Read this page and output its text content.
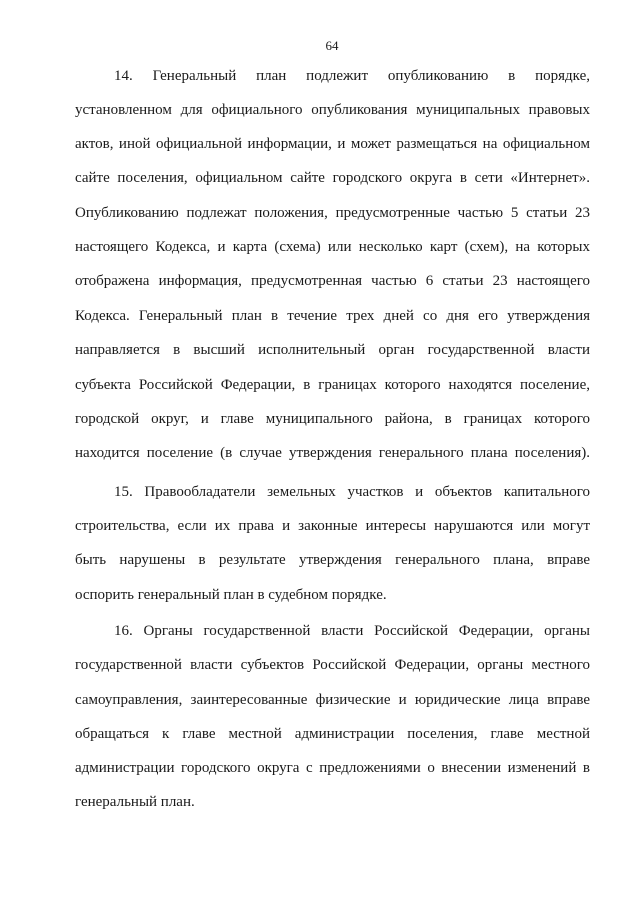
64
14. Генеральный план подлежит опубликованию в порядке,
установленном для официального опубликования муниципальных правовых
актов, иной официальной информации, и может размещаться на официальном
сайте поселения, официальном сайте городского округа в сети «Интернет».
Опубликованию подлежат положения, предусмотренные частью 5 статьи 23
настоящего Кодекса, и карта (схема) или несколько карт (схем), на которых
отображена информация, предусмотренная частью 6 статьи 23 настоящего
Кодекса. Генеральный план в течение трех дней со дня его утверждения
направляется в высший исполнительный орган государственной власти
субъекта Российской Федерации, в границах которого находятся поселение,
городской округ, и главе муниципального района, в границах которого
находится поселение (в случае утверждения генерального плана поселения).
15. Правообладатели земельных участков и объектов капитального
строительства, если их права и законные интересы нарушаются или могут
быть нарушены в результате утверждения генерального плана, вправе
оспорить генеральный план в судебном порядке.
16. Органы государственной власти Российской Федерации, органы
государственной власти субъектов Российской Федерации, органы местного
самоуправления, заинтересованные физические и юридические лица вправе
обращаться к главе местной администрации поселения, главе местной
администрации городского округа с предложениями о внесении изменений в
генеральный план.
